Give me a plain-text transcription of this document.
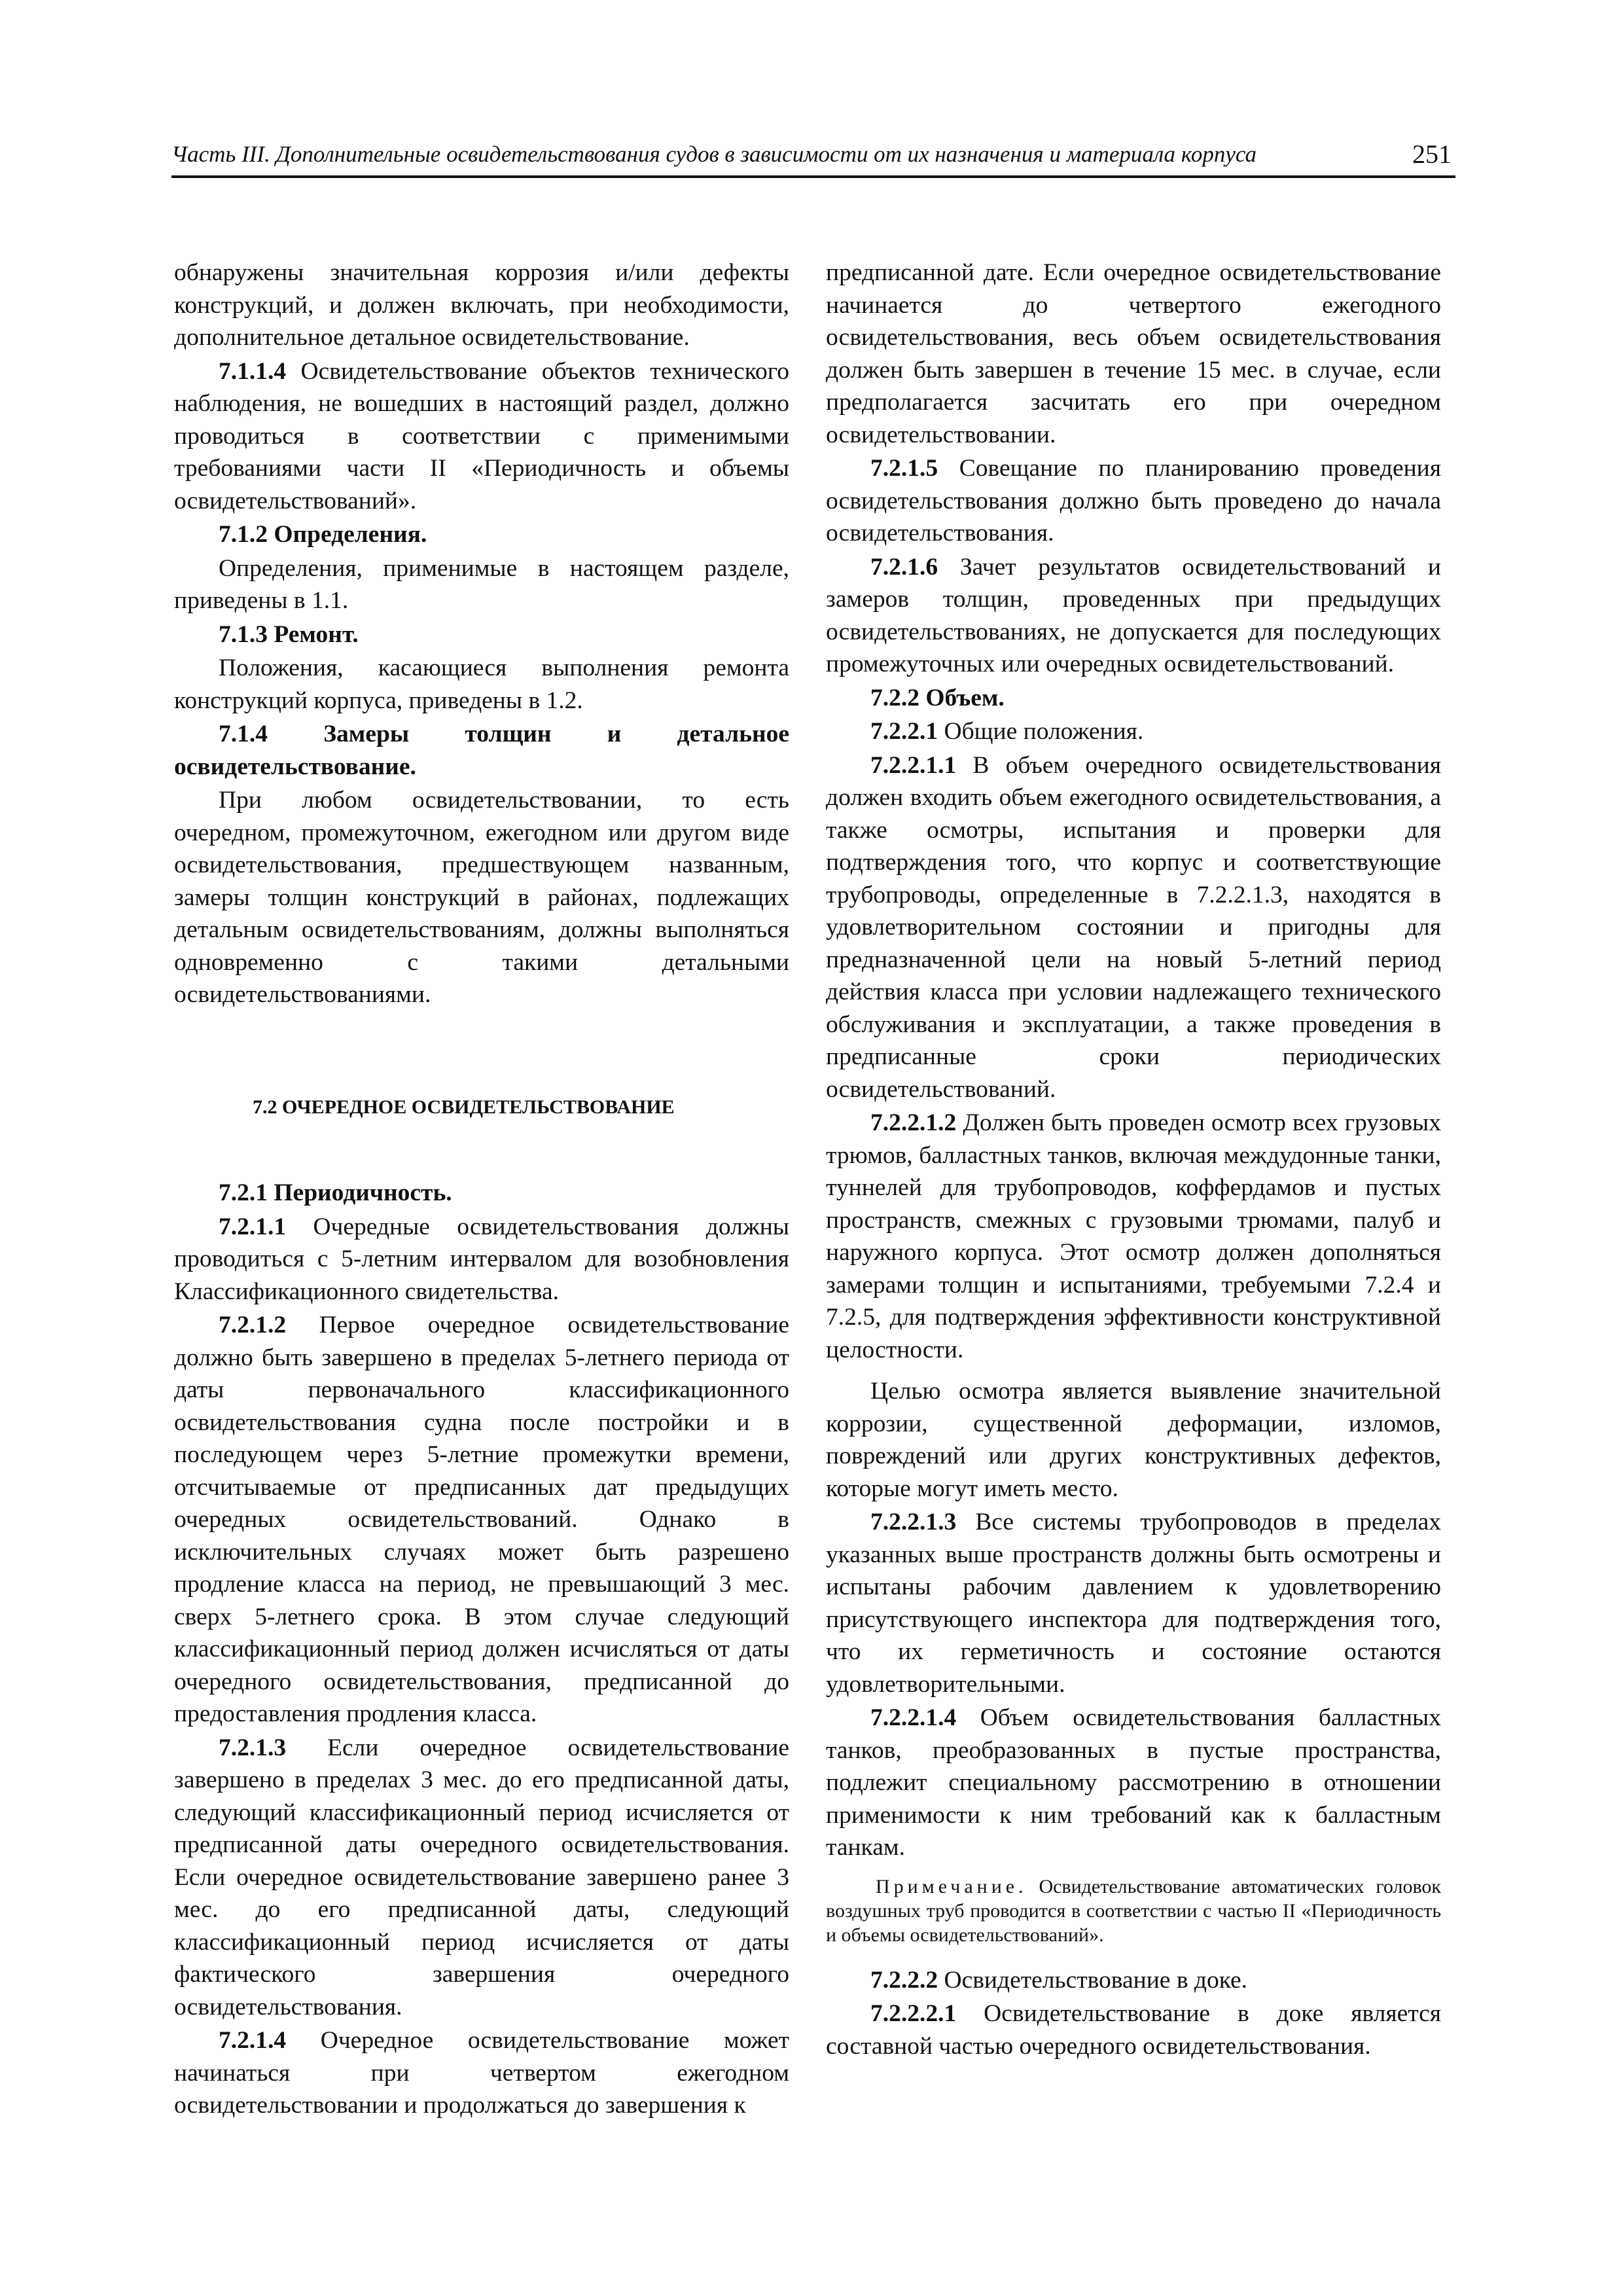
Часть III. Дополнительные освидетельствования судов в зависимости от их назначения и материала корпуса	251

обнаружены значительная коррозия и/или дефекты конструкций, и должен включать, при необходимости, дополнительное детальное освидетельствование.

7.1.1.4 Освидетельствование объектов технического наблюдения, не вошедших в настоящий раздел, должно проводиться в соответствии с применимыми требованиями части II «Периодичность и объемы освидетельствований».

7.1.2 Определения.

Определения, применимые в настоящем разделе, приведены в 1.1.

7.1.3 Ремонт.

Положения, касающиеся выполнения ремонта конструкций корпуса, приведены в 1.2.

7.1.4 Замеры толщин и детальное освидетельствование.

При любом освидетельствовании, то есть очередном, промежуточном, ежегодном или другом виде освидетельствования, предшествующем названным, замеры толщин конструкций в районах, подлежащих детальным освидетельствованиям, должны выполняться одновременно с такими детальными освидетельствованиями.

7.2 ОЧЕРЕДНОЕ ОСВИДЕТЕЛЬСТВОВАНИЕ

7.2.1 Периодичность.

7.2.1.1 Очередные освидетельствования должны проводиться с 5-летним интервалом для возобновления Классификационного свидетельства.

7.2.1.2 Первое очередное освидетельствование должно быть завершено в пределах 5-летнего периода от даты первоначального классификационного освидетельствования судна после постройки и в последующем через 5-летние промежутки времени, отсчитываемые от предписанных дат предыдущих очередных освидетельствований. Однако в исключительных случаях может быть разрешено продление класса на период, не превышающий 3 мес. сверх 5-летнего срока. В этом случае следующий классификационный период должен исчисляться от даты очередного освидетельствования, предписанной до предоставления продления класса.

7.2.1.3 Если очередное освидетельствование завершено в пределах 3 мес. до его предписанной даты, следующий классификационный период исчисляется от предписанной даты очередного освидетельствования. Если очередное освидетельствование завершено ранее 3 мес. до его предписанной даты, следующий классификационный период исчисляется от даты фактического завершения очередного освидетельствования.

7.2.1.4 Очередное освидетельствование может начинаться при четвертом ежегодном освидетельствовании и продолжаться до завершения к

предписанной дате. Если очередное освидетельствование начинается до четвертого ежегодного освидетельствования, весь объем освидетельствования должен быть завершен в течение 15 мес. в случае, если предполагается засчитать его при очередном освидетельствовании.

7.2.1.5 Совещание по планированию проведения освидетельствования должно быть проведено до начала освидетельствования.

7.2.1.6 Зачет результатов освидетельствований и замеров толщин, проведенных при предыдущих освидетельствованиях, не допускается для последующих промежуточных или очередных освидетельствований.

7.2.2 Объем.

7.2.2.1 Общие положения.

7.2.2.1.1 В объем очередного освидетельствования должен входить объем ежегодного освидетельствования, а также осмотры, испытания и проверки для подтверждения того, что корпус и соответствующие трубопроводы, определенные в 7.2.2.1.3, находятся в удовлетворительном состоянии и пригодны для предназначенной цели на новый 5-летний период действия класса при условии надлежащего технического обслуживания и эксплуатации, а также проведения в предписанные сроки периодических освидетельствований.

7.2.2.1.2 Должен быть проведен осмотр всех грузовых трюмов, балластных танков, включая междудонные танки, туннелей для трубопроводов, коффердамов и пустых пространств, смежных с грузовыми трюмами, палуб и наружного корпуса. Этот осмотр должен дополняться замерами толщин и испытаниями, требуемыми 7.2.4 и 7.2.5, для подтверждения эффективности конструктивной целостности.

Целью осмотра является выявление значительной коррозии, существенной деформации, изломов, повреждений или других конструктивных дефектов, которые могут иметь место.

7.2.2.1.3 Все системы трубопроводов в пределах указанных выше пространств должны быть осмотрены и испытаны рабочим давлением к удовлетворению присутствующего инспектора для подтверждения того, что их герметичность и состояние остаются удовлетворительными.

7.2.2.1.4 Объем освидетельствования балластных танков, преобразованных в пустые пространства, подлежит специальному рассмотрению в отношении применимости к ним требований как к балластным танкам.

Примечание. Освидетельствование автоматических головок воздушных труб проводится в соответствии с частью II «Периодичность и объемы освидетельствований».

7.2.2.2 Освидетельствование в доке.

7.2.2.2.1 Освидетельствование в доке является составной частью очередного освидетельствования.
